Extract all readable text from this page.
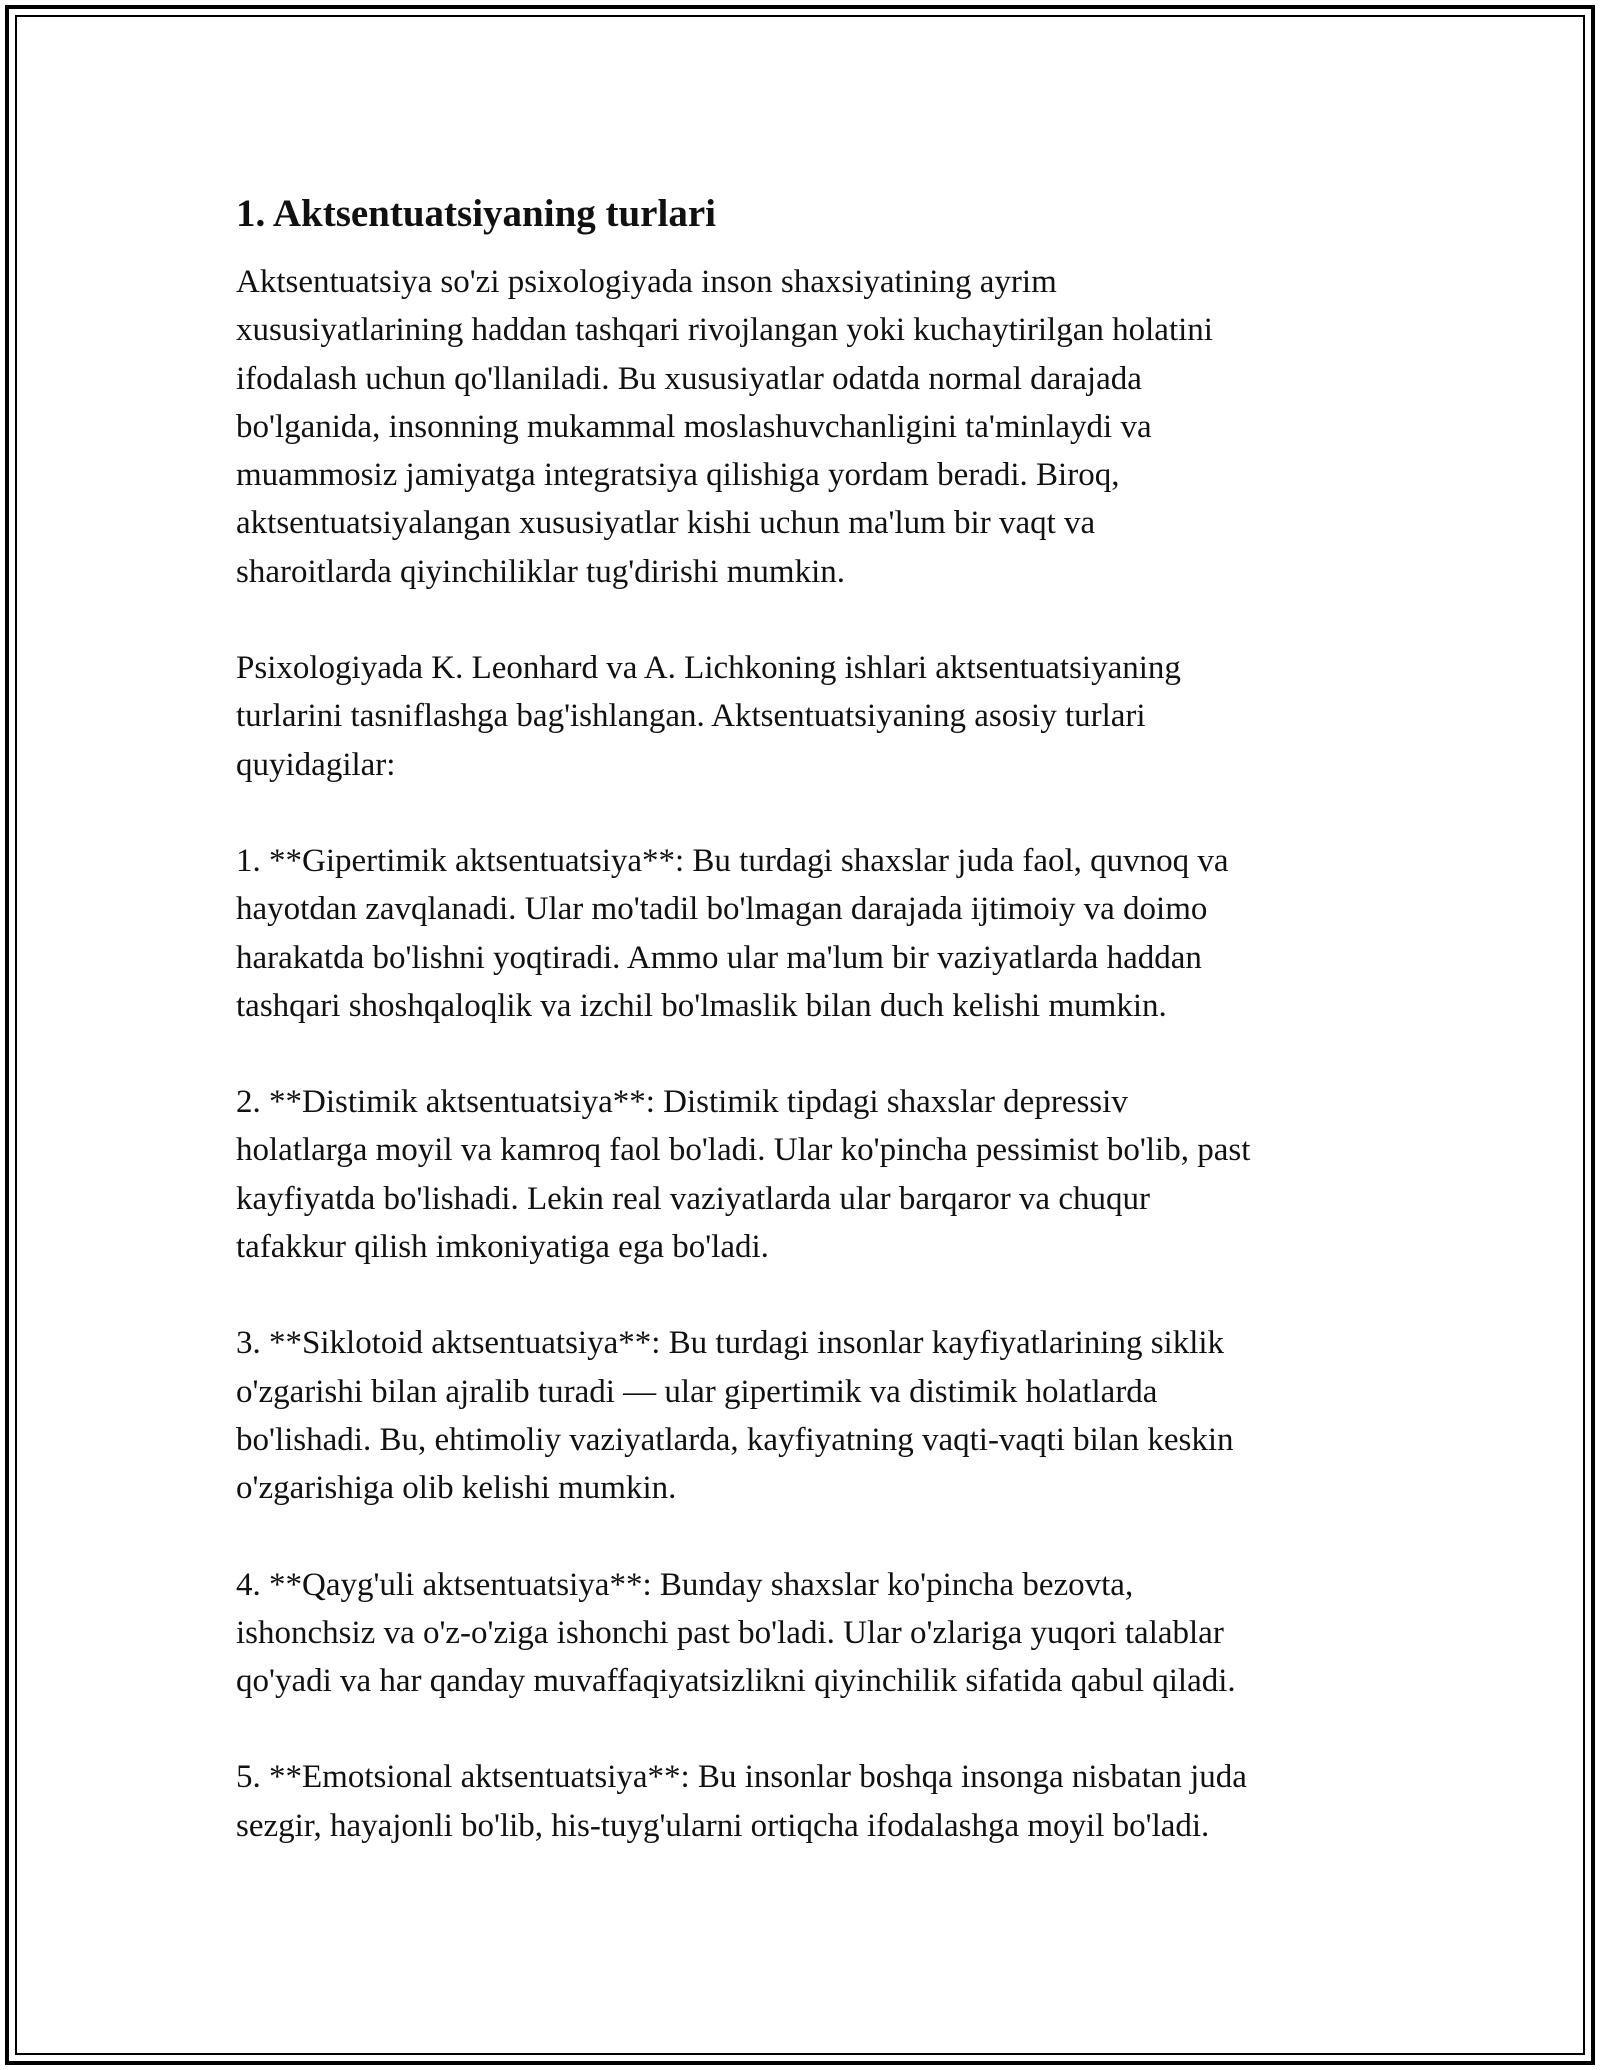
1. Aktsentuatsiyaning turlari

Aktsentuatsiya so'zi psixologiyada inson shaxsiyatining ayrim
xususiyatlarining haddan tashqari rivojlangan yoki kuchaytirilgan holatini
ifodalash uchun qo'llaniladi. Bu xususiyatlar odatda normal darajada
bo'lganida, insonning mukammal moslashuvchanligini ta'minlaydi va
muammosiz jamiyatga integratsiya qilishiga yordam beradi. Biroq,
aktsentuatsiyalangan xususiyatlar kishi uchun ma'lum bir vaqt va
sharoitlarda qiyinchiliklar tug'dirishi mumkin.

Psixologiyada K. Leonhard va A. Lichkoning ishlari aktsentuatsiyaning
turlarini tasniflashga bag'ishlangan. Aktsentuatsiyaning asosiy turlari
quyidagilar:

1. **Gipertimik aktsentuatsiya**: Bu turdagi shaxslar juda faol, quvnoq va
hayotdan zavqlanadi. Ular mo'tadil bo'lmagan darajada ijtimoiy va doimo
harakatda bo'lishni yoqtiradi. Ammo ular ma'lum bir vaziyatlarda haddan
tashqari shoshqaloqlik va izchil bo'lmaslik bilan duch kelishi mumkin.

2. **Distimik aktsentuatsiya**: Distimik tipdagi shaxslar depressiv
holatlarga moyil va kamroq faol bo'ladi. Ular ko'pincha pessimist bo'lib, past
kayfiyatda bo'lishadi. Lekin real vaziyatlarda ular barqaror va chuqur
tafakkur qilish imkoniyatiga ega bo'ladi.

3. **Siklotoid aktsentuatsiya**: Bu turdagi insonlar kayfiyatlarining siklik
o'zgarishi bilan ajralib turadi — ular gipertimik va distimik holatlarda
bo'lishadi. Bu, ehtimoliy vaziyatlarda, kayfiyatning vaqti-vaqti bilan keskin
o'zgarishiga olib kelishi mumkin.

4. **Qayg'uli aktsentuatsiya**: Bunday shaxslar ko'pincha bezovta,
ishonchsiz va o'z-o'ziga ishonchi past bo'ladi. Ular o'zlariga yuqori talablar
qo'yadi va har qanday muvaffaqiyatsizlikni qiyinchilik sifatida qabul qiladi.

5. **Emotsional aktsentuatsiya**: Bu insonlar boshqa insonga nisbatan juda
sezgir, hayajonli bo'lib, his-tuyg'ularni ortiqcha ifodalashga moyil bo'ladi.
